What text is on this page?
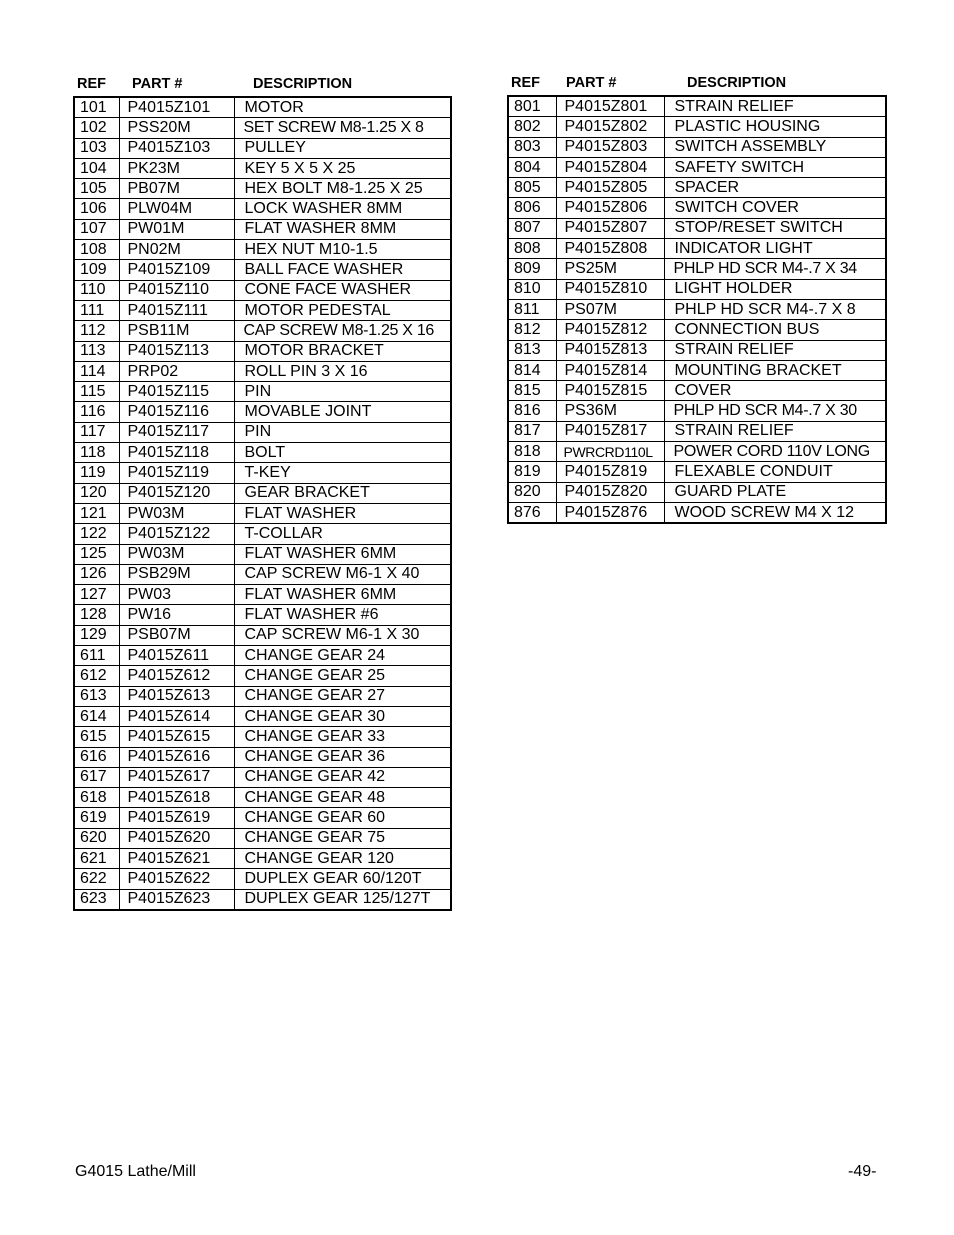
REF PART #	DESCRIPTION
101	P4015Z101	MOTOR
102	PSS20M	SET SCREW M8-1.25 X 8
103	P4015Z103	PULLEY
104	PK23M	KEY 5 X 5 X 25
105	PB07M	HEX BOLT M8-1.25 X 25
106	PLW04M	LOCK WASHER 8MM
107	PW01M	FLAT WASHER 8MM
108	PN02M	HEX NUT M10-1.5
109	P4015Z109	BALL FACE WASHER
110	P4015Z110	CONE FACE WASHER
111	P4015Z111	MOTOR PEDESTAL
112	PSB11M	CAP SCREW M8-1.25 X 16
113	P4015Z113	MOTOR BRACKET
114	PRP02	ROLL PIN 3 X 16
115	P4015Z115	PIN
116	P4015Z116	MOVABLE JOINT
117	P4015Z117	PIN
118	P4015Z118	BOLT
119	P4015Z119	T-KEY
120	P4015Z120	GEAR BRACKET
121	PW03M	FLAT WASHER
122	P4015Z122	T-COLLAR
125	PW03M	FLAT WASHER 6MM
126	PSB29M	CAP SCREW M6-1 X 40
127	PW03	FLAT WASHER 6MM
128	PW16	FLAT WASHER #6
129	PSB07M	CAP SCREW M6-1 X 30
611	P4015Z611	CHANGE GEAR 24
612	P4015Z612	CHANGE GEAR 25
613	P4015Z613	CHANGE GEAR 27
614	P4015Z614	CHANGE GEAR 30
615	P4015Z615	CHANGE GEAR 33
616	P4015Z616	CHANGE GEAR 36
617	P4015Z617	CHANGE GEAR 42
618	P4015Z618	CHANGE GEAR 48
619	P4015Z619	CHANGE GEAR 60
620	P4015Z620	CHANGE GEAR 75
621	P4015Z621	CHANGE GEAR 120
622	P4015Z622	DUPLEX GEAR 60/120T
623	P4015Z623	DUPLEX GEAR 125/127T
REF PART #	DESCRIPTION
801	P4015Z801	STRAIN RELIEF
802	P4015Z802	PLASTIC HOUSING
803	P4015Z803	SWITCH ASSEMBLY
804	P4015Z804	SAFETY SWITCH
805	P4015Z805	SPACER
806	P4015Z806	SWITCH COVER
807	P4015Z807	STOP/RESET SWITCH
808	P4015Z808	INDICATOR LIGHT
809	PS25M	PHLP HD SCR M4-.7 X 34
810	P4015Z810	LIGHT HOLDER
811	PS07M	PHLP HD SCR M4-.7 X 8
812	P4015Z812	CONNECTION BUS
813	P4015Z813	STRAIN RELIEF
814	P4015Z814	MOUNTING BRACKET
815	P4015Z815	COVER
816	PS36M	PHLP HD SCR M4-.7 X 30
817	P4015Z817	STRAIN RELIEF
818	PWRCRD110L	POWER CORD 110V LONG
819	P4015Z819	FLEXABLE CONDUIT
820	P4015Z820	GUARD PLATE
876	P4015Z876	WOOD SCREW M4 X 12
G4015 Lathe/Mill	-49-
